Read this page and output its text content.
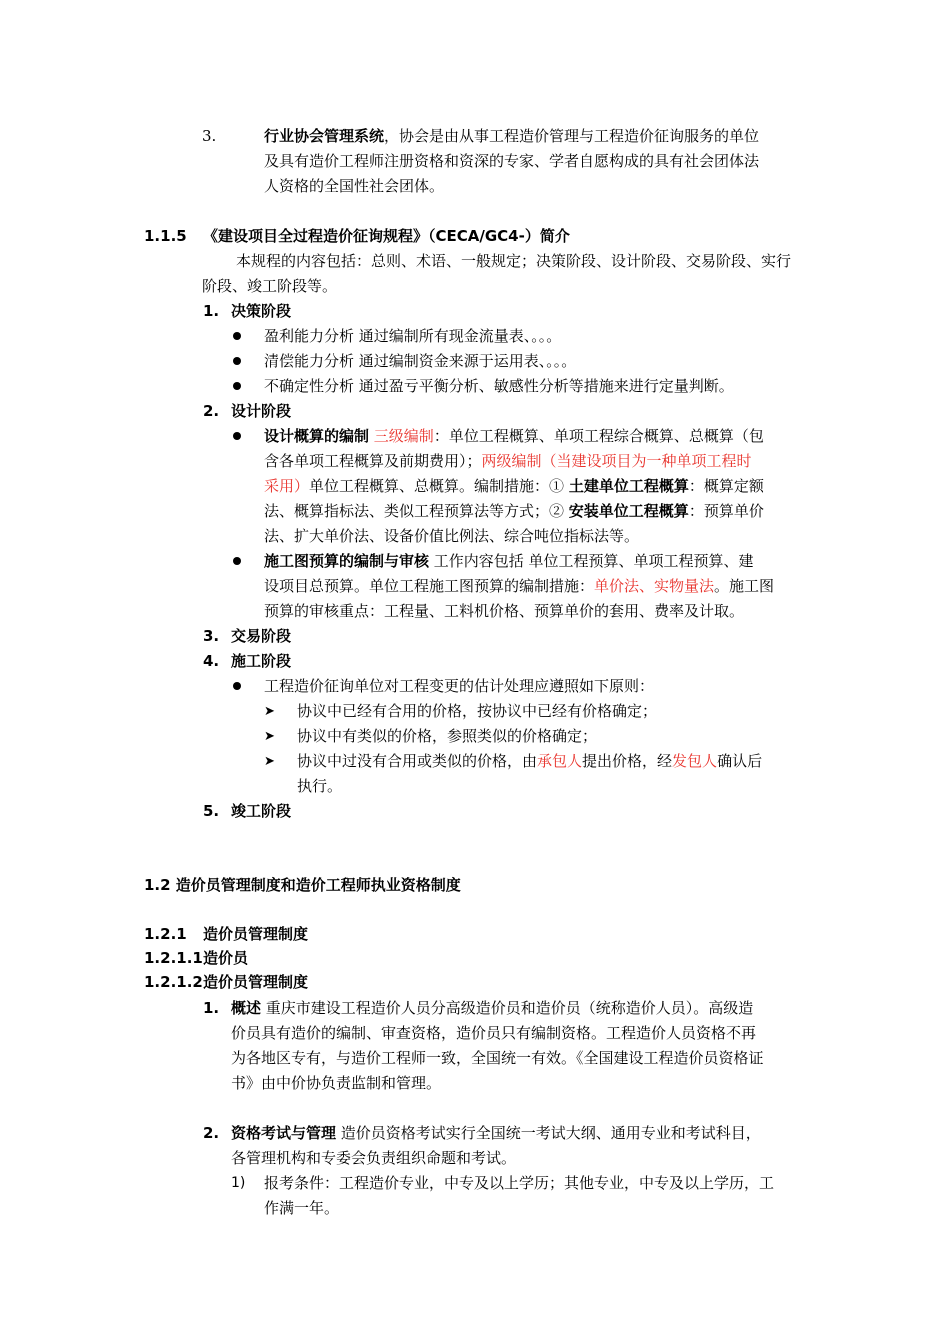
3.	行业协会管理系统，协会是由从事工程造价管理与工程造价征询服务的单位
及具有造价工程师注册资格和资深的专家、学者自愿构成的具有社会团体法
人资格的全国性社会团体。
1.1.5 《建设项目全过程造价征询规程》（CECA/GC4-）简介
本规程的内容包括：总则、术语、一般规定；决策阶段、设计阶段、交易阶段、实行
阶段、竣工阶段等。
1. 决策阶段
盈利能力分析 通过编制所有现金流量表、。。。
清偿能力分析 通过编制资金来源于运用表、。。。
不确定性分析 通过盈亏平衡分析、敏感性分析等措施来进行定量判断。
2. 设计阶段
设计概算的编制 三级编制：单位工程概算、单项工程综合概算、总概算（包
含各单项工程概算及前期费用）；两级编制（当建设项目为一种单项工程时
采用）单位工程概算、总概算。编制措施：① 土建单位工程概算：概算定额
法、概算指标法、类似工程预算法等方式；② 安装单位工程概算：预算单价
法、扩大单价法、设备价值比例法、综合吨位指标法等。
施工图预算的编制与审核 工作内容包括 单位工程预算、单项工程预算、建
设项目总预算。单位工程施工图预算的编制措施：单价法、实物量法。施工图
预算的审核重点：工程量、工料机价格、预算单价的套用、费率及计取。
3. 交易阶段
4. 施工阶段
工程造价征询单位对工程变更的估计处理应遵照如下原则：
➤ 协议中已经有合用的价格，按协议中已经有价格确定；
➤ 协议中有类似的价格，参照类似的价格确定；
➤ 协议中过没有合用或类似的价格，由承包人提出价格，经发包人确认后
执行。
5. 竣工阶段
1.2 造价员管理制度和造价工程师执业资格制度
1.2.1 造价员管理制度
1.2.1.1 造价员
1.2.1.2 造价员管理制度
1. 概述 重庆市建设工程造价人员分高级造价员和造价员（统称造价人员）。高级造
价员具有造价的编制、审查资格，造价员只有编制资格。工程造价人员资格不再
为各地区专有，与造价工程师一致，全国统一有效。《全国建设工程造价员资格证
书》由中价协负责监制和管理。
2. 资格考试与管理 造价员资格考试实行全国统一考试大纲、通用专业和考试科目，
各管理机构和专委会负责组织命题和考试。
1) 报考条件：工程造价专业，中专及以上学历；其他专业，中专及以上学历，工
作满一年。
